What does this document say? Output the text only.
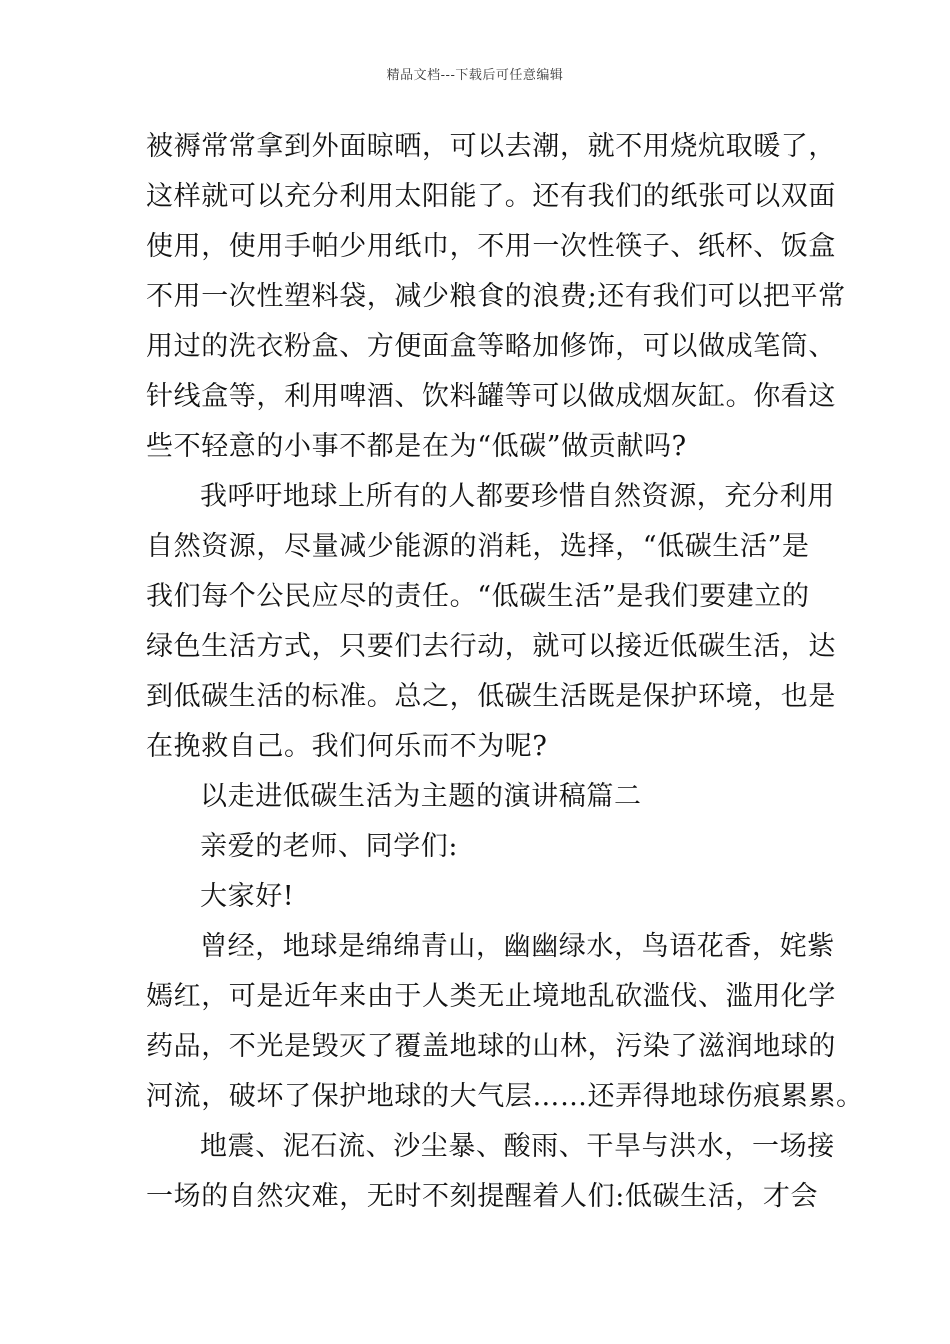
精品文档---下载后可任意编辑
被褥常常拿到外面晾晒，可以去潮，就不用烧炕取暖了，
这样就可以充分利用太阳能了。还有我们的纸张可以双面
使用，使用手帕少用纸巾，不用一次性筷子、纸杯、饭盒
不用一次性塑料袋，减少粮食的浪费;还有我们可以把平常
用过的洗衣粉盒、方便面盒等略加修饰，可以做成笔筒、
针线盒等，利用啤酒、饮料罐等可以做成烟灰缸。你看这
些不轻意的小事不都是在为“低碳”做贡献吗?
我呼吁地球上所有的人都要珍惜自然资源，充分利用
自然资源，尽量减少能源的消耗，选择，“低碳生活”是
我们每个公民应尽的责任。“低碳生活”是我们要建立的
绿色生活方式，只要们去行动，就可以接近低碳生活，达
到低碳生活的标准。总之，低碳生活既是保护环境，也是
在挽救自己。我们何乐而不为呢?
以走进低碳生活为主题的演讲稿篇二
亲爱的老师、同学们:
大家好!
曾经，地球是绵绵青山，幽幽绿水，鸟语花香，姹紫
嫣红，可是近年来由于人类无止境地乱砍滥伐、滥用化学
药品，不光是毁灭了覆盖地球的山林，污染了滋润地球的
河流，破坏了保护地球的大气层……还弄得地球伤痕累累。
地震、泥石流、沙尘暴、酸雨、干旱与洪水，一场接
一场的自然灾难，无时不刻提醒着人们:低碳生活，才会
